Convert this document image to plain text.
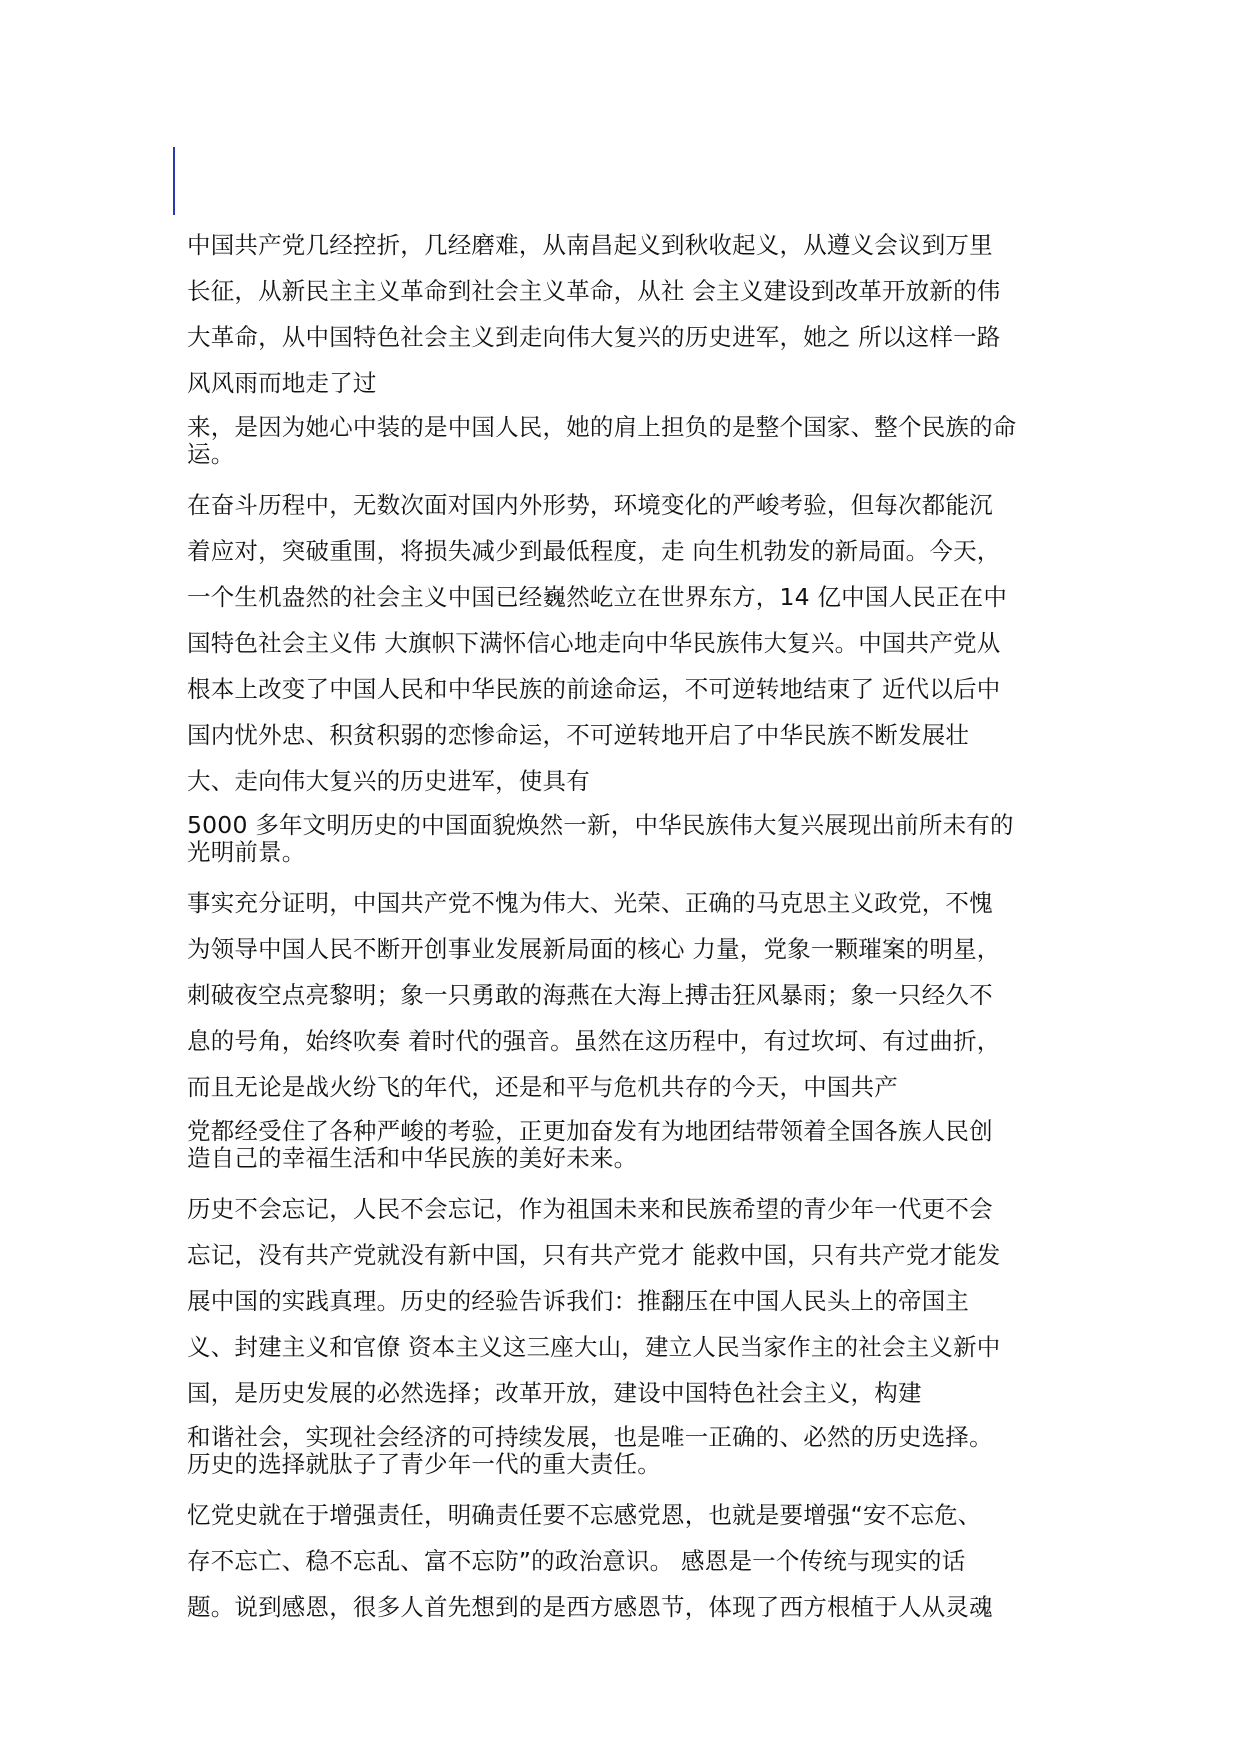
中国共产党几经控折，几经磨难，从南昌起义到秋收起义，从遵义会议到万里
长征，从新民主主义革命到社会主义革命，从社 会主义建设到改革开放新的伟
大革命，从中国特色社会主义到走向伟大复兴的历史进军，她之 所以这样一路
风风雨而地走了过
来，是因为她心中装的是中国人民，她的肩上担负的是整个国家、整个民族的命
运。
在奋斗历程中，无数次面对国内外形势，环境变化的严峻考验，但每次都能沉
着应对，突破重围，将损失减少到最低程度，走 向生机勃发的新局面。今天，
一个生机盎然的社会主义中国已经巍然屹立在世界东方，14 亿中国人民正在中
国特色社会主义伟 大旗帜下满怀信心地走向中华民族伟大复兴。中国共产党从
根本上改变了中国人民和中华民族的前途命运，不可逆转地结束了 近代以后中
国内忧外忠、积贫积弱的恋惨命运，不可逆转地开启了中华民族不断发展壮
大、走向伟大复兴的历史进军，使具有
5000 多年文明历史的中国面貌焕然一新，中华民族伟大复兴展现出前所未有的
光明前景。
事实充分证明，中国共产党不愧为伟大、光荣、正确的马克思主义政党，不愧
为领导中国人民不断开创事业发展新局面的核心 力量，党象一颗璀案的明星，
刺破夜空点亮黎明；象一只勇敢的海燕在大海上搏击狂风暴雨；象一只经久不
息的号角，始终吹奏 着时代的强音。虽然在这历程中，有过坎坷、有过曲折，
而且无论是战火纷飞的年代，还是和平与危机共存的今天，中国共产
党都经受住了各种严峻的考验，正更加奋发有为地团结带领着全国各族人民创
造自己的幸福生活和中华民族的美好未来。
历史不会忘记，人民不会忘记，作为祖国未来和民族希望的青少年一代更不会
忘记，没有共产党就没有新中国，只有共产党才 能救中国，只有共产党才能发
展中国的实践真理。历史的经验告诉我们：推翻压在中国人民头上的帝国主
义、封建主义和官僚 资本主义这三座大山，建立人民当家作主的社会主义新中
国，是历史发展的必然选择；改革开放，建设中国特色社会主义，构建
和谐社会，实现社会经济的可持续发展，也是唯一正确的、必然的历史选择。
历史的选择就肽子了青少年一代的重大责任。
忆党史就在于增强责任，明确责任要不忘感党恩，也就是要增强“安不忘危、
存不忘亡、稳不忘乱、富不忘防”的政治意识。 感恩是一个传统与现实的话
题。说到感恩，很多人首先想到的是西方感恩节，体现了西方根植于人从灵魂
